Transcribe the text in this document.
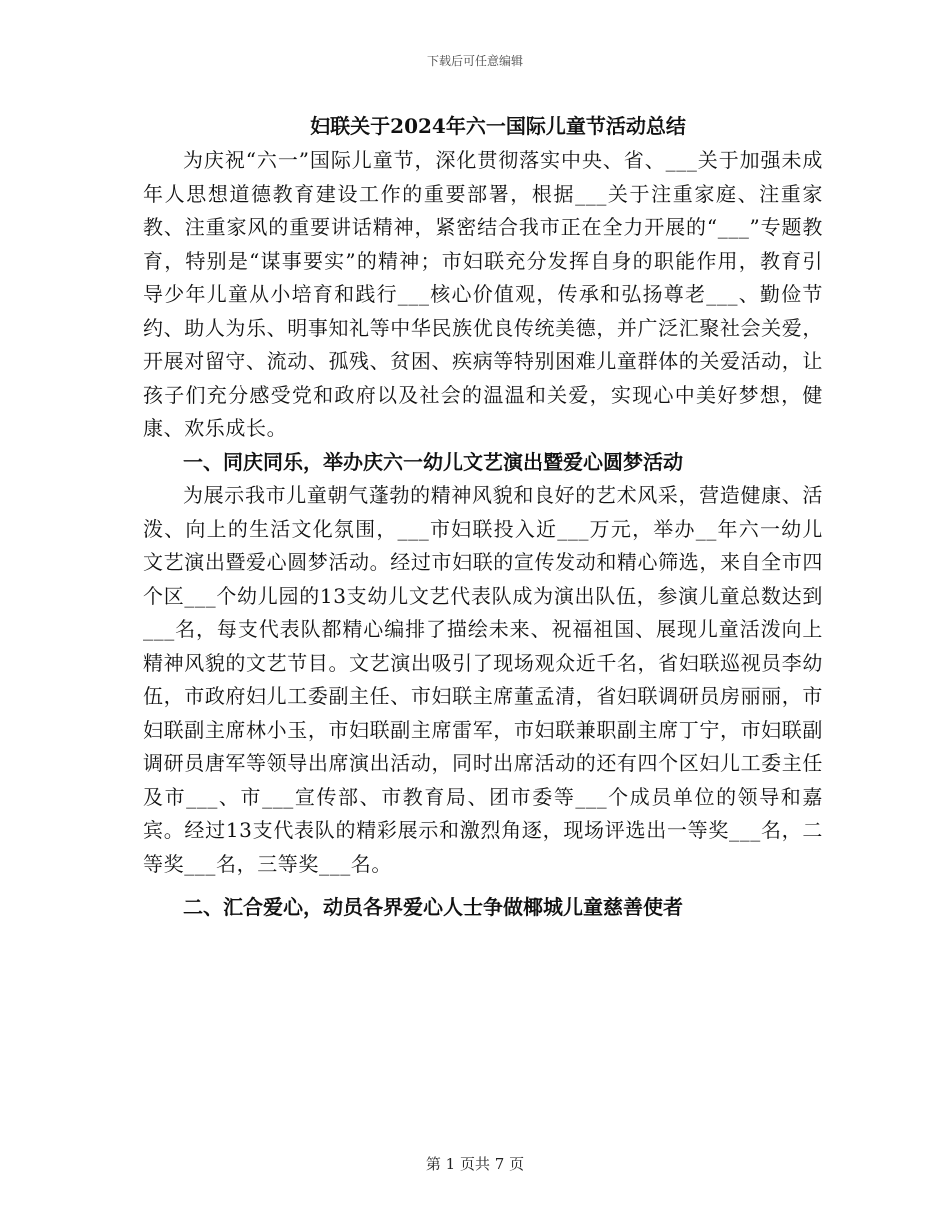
下载后可任意编辑
妇联关于2024年六一国际儿童节活动总结

为庆祝“六一”国际儿童节，深化贯彻落实中央、省、___关于加强未成年人思想道德教育建设工作的重要部署，根据___关于注重家庭、注重家教、注重家风的重要讲话精神，紧密结合我市正在全力开展的“___”专题教育，特别是“谋事要实”的精神；市妇联充分发挥自身的职能作用，教育引导少年儿童从小培育和践行___核心价值观，传承和弘扬尊老___、勤俭节约、助人为乐、明事知礼等中华民族优良传统美德，并广泛汇聚社会关爱，开展对留守、流动、孤残、贫困、疾病等特别困难儿童群体的关爱活动，让孩子们充分感受党和政府以及社会的温温和关爱，实现心中美好梦想，健康、欢乐成长。

一、同庆同乐，举办庆六一幼儿文艺演出暨爱心圆梦活动

为展示我市儿童朝气蓬勃的精神风貌和良好的艺术风采，营造健康、活泼、向上的生活文化氛围，___市妇联投入近___万元，举办__年六一幼儿文艺演出暨爱心圆梦活动。经过市妇联的宣传发动和精心筛选，来自全市四个区___个幼儿园的13支幼儿文艺代表队成为演出队伍，参演儿童总数达到___名，每支代表队都精心编排了描绘未来、祝福祖国、展现儿童活泼向上精神风貌的文艺节目。文艺演出吸引了现场观众近千名，省妇联巡视员李幼伍，市政府妇儿工委副主任、市妇联主席董孟清，省妇联调研员房丽丽，市妇联副主席林小玉，市妇联副主席雷军，市妇联兼职副主席丁宁，市妇联副调研员唐军等领导出席演出活动，同时出席活动的还有四个区妇儿工委主任及市___、市___宣传部、市教育局、团市委等___个成员单位的领导和嘉宾。经过13支代表队的精彩展示和激烈角逐，现场评选出一等奖___名，二等奖___名，三等奖___名。

二、汇合爱心，动员各界爱心人士争做椰城儿童慈善使者

第 1 页共 7 页
